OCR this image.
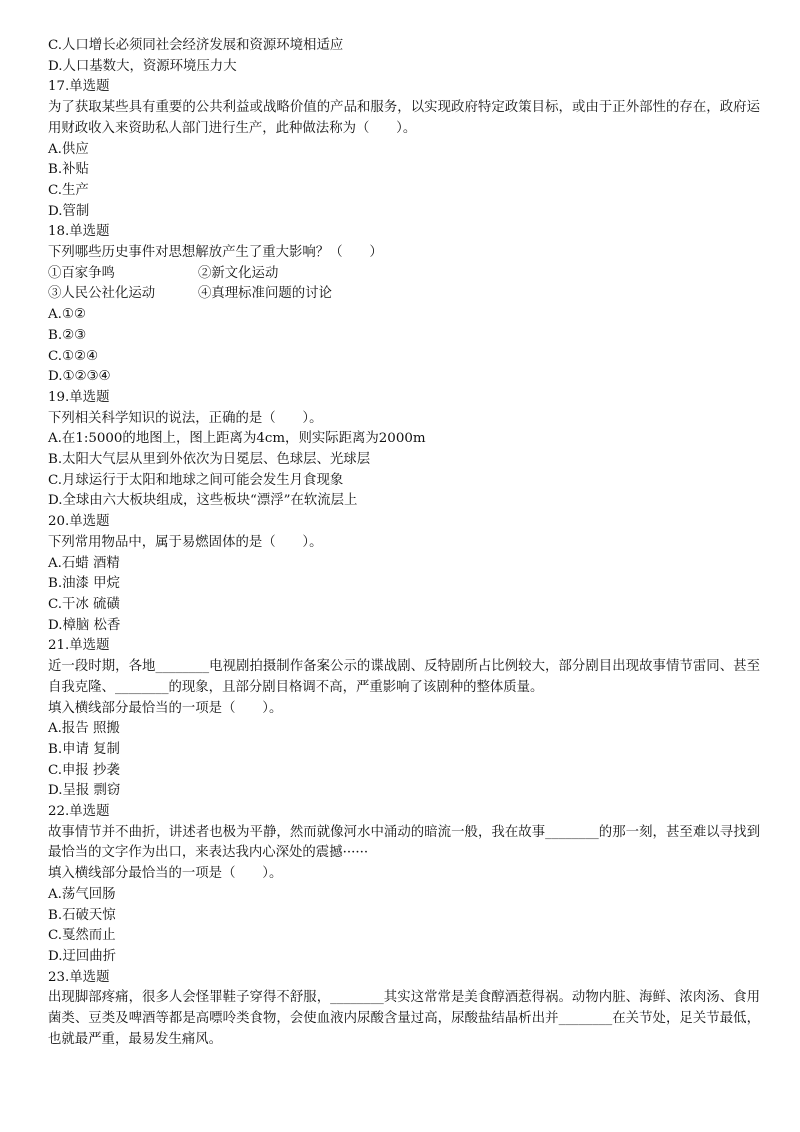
C.人口增长必须同社会经济发展和资源环境相适应
D.人口基数大，资源环境压力大
17.单选题
为了获取某些具有重要的公共利益或战略价值的产品和服务，以实现政府特定政策目标，或由于正外部性的存在，政府运用财政收入来资助私人部门进行生产，此种做法称为（　　）。
A.供应
B.补贴
C.生产
D.管制
18.单选题
下列哪些历史事件对思想解放产生了重大影响？（　　）
①百家争鸣	②新文化运动
③人民公社化运动	④真理标准问题的讨论
A.①②
B.②③
C.①②④
D.①②③④
19.单选题
下列相关科学知识的说法，正确的是（　　）。
A.在1:5000的地图上，图上距离为4cm，则实际距离为2000m
B.太阳大气层从里到外依次为日冕层、色球层、光球层
C.月球运行于太阳和地球之间可能会发生月食现象
D.全球由六大板块组成，这些板块“漂浮”在软流层上
20.单选题
下列常用物品中，属于易燃固体的是（　　）。
A.石蜡 酒精
B.油漆 甲烷
C.干冰 硫磺
D.樟脑 松香
21.单选题
近一段时期，各地________电视剧拍摄制作备案公示的谍战剧、反特剧所占比例较大，部分剧目出现故事情节雷同、甚至自我克隆、________的现象，且部分剧目格调不高，严重影响了该剧种的整体质量。
填入横线部分最恰当的一项是（　　）。
A.报告 照搬
B.申请 复制
C.申报 抄袭
D.呈报 剽窃
22.单选题
故事情节并不曲折，讲述者也极为平静，然而就像河水中涌动的暗流一般，我在故事________的那一刻，甚至难以寻找到最恰当的文字作为出口，来表达我内心深处的震撼······
填入横线部分最恰当的一项是（　　）。
A.荡气回肠
B.石破天惊
C.戛然而止
D.迂回曲折
23.单选题
出现脚部疼痛，很多人会怪罪鞋子穿得不舒服，________其实这常常是美食醇酒惹得祸。动物内脏、海鲜、浓肉汤、食用菌类、豆类及啤酒等都是高嘌呤类食物，会使血液内尿酸含量过高，尿酸盐结晶析出并________在关节处，足关节最低，也就最严重，最易发生痛风。
